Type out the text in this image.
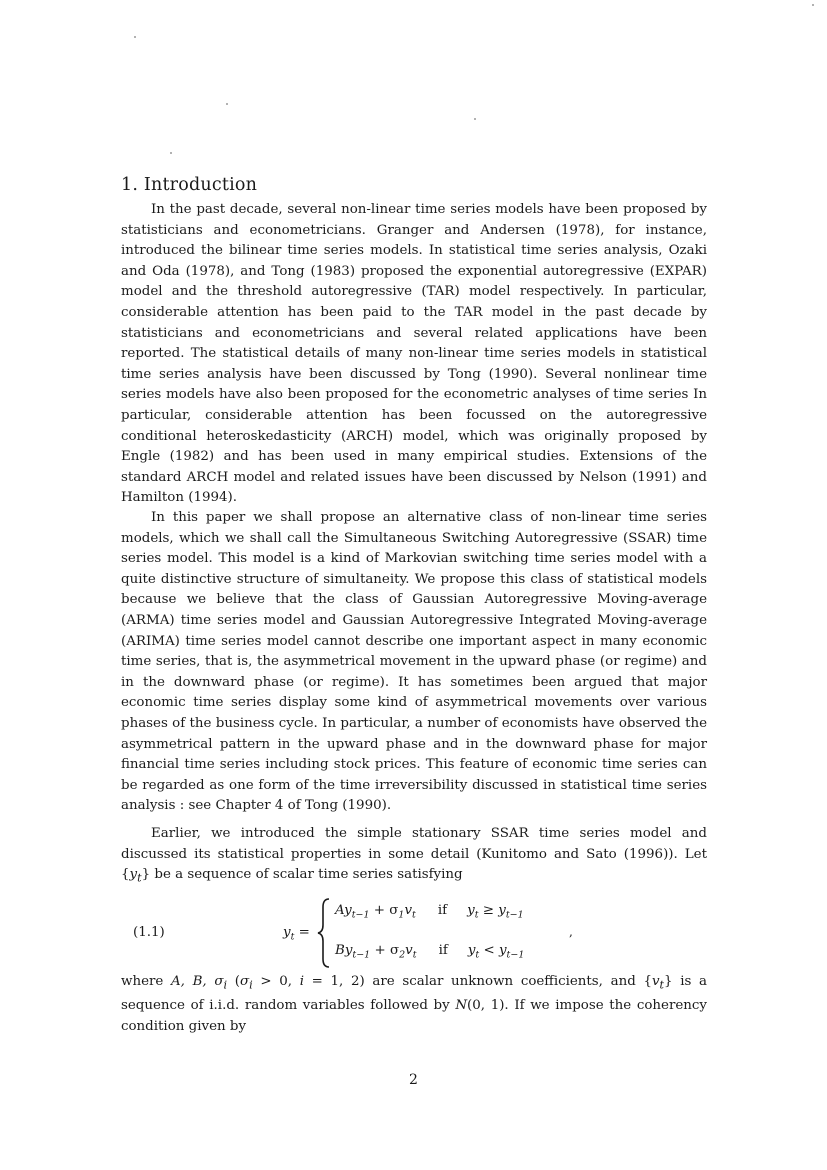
1. Introduction

In the past decade, several non-linear time series models have been proposed by statisticians and econometricians. Granger and Andersen (1978), for instance, introduced the bilinear time series models. In statistical time series analysis, Ozaki and Oda (1978), and Tong (1983) proposed the exponential autoregressive (EXPAR) model and the threshold autoregressive (TAR) model respectively. In particular, considerable attention has been paid to the TAR model in the past decade by statisticians and econometricians and several related applications have been reported. The statistical details of many non-linear time series models in statistical time series analysis have been discussed by Tong (1990). Several nonlinear time series models have also been proposed for the econometric analyses of time series In particular, considerable attention has been focussed on the autoregressive conditional heteroskedasticity (ARCH) model, which was originally proposed by Engle (1982) and has been used in many empirical studies. Extensions of the standard ARCH model and related issues have been discussed by Nelson (1991) and Hamilton (1994).

In this paper we shall propose an alternative class of non-linear time series models, which we shall call the Simultaneous Switching Autoregressive (SSAR) time series model. This model is a kind of Markovian switching time series model with a quite distinctive structure of simultaneity. We propose this class of statistical models because we believe that the class of Gaussian Autoregressive Moving-average (ARMA) time series model and Gaussian Autoregressive Integrated Moving-average (ARIMA) time series model cannot describe one important aspect in many economic time series, that is, the asymmetrical movement in the upward phase (or regime) and in the downward phase (or regime). It has sometimes been argued that major economic time series display some kind of asymmetrical movements over various phases of the business cycle. In particular, a number of economists have observed the asymmetrical pattern in the upward phase and in the downward phase for major financial time series including stock prices. This feature of economic time series can be regarded as one form of the time irreversibility discussed in statistical time series analysis : see Chapter 4 of Tong (1990).

Earlier, we introduced the simple stationary SSAR time series model and discussed its statistical properties in some detail (Kunitomo and Sato (1996)). Let $\{y_t\}$ be a sequence of scalar time series satisfying

(1.1)	$y_t$ =
$Ay_{t-1} + \sigma_1v_t$ if $y_t \ge y_{t-1}$
$By_{t-1} + \sigma_2v_t$ if $y_t < y_{t-1}$
,

where A, B, $\sigma_i$ ($\sigma_i > 0$, i = 1, 2) are scalar unknown coefficients, and $\{v_t\}$ is a sequence of i.i.d. random variables followed by N(0, 1). If we impose the coherency condition given by

2
